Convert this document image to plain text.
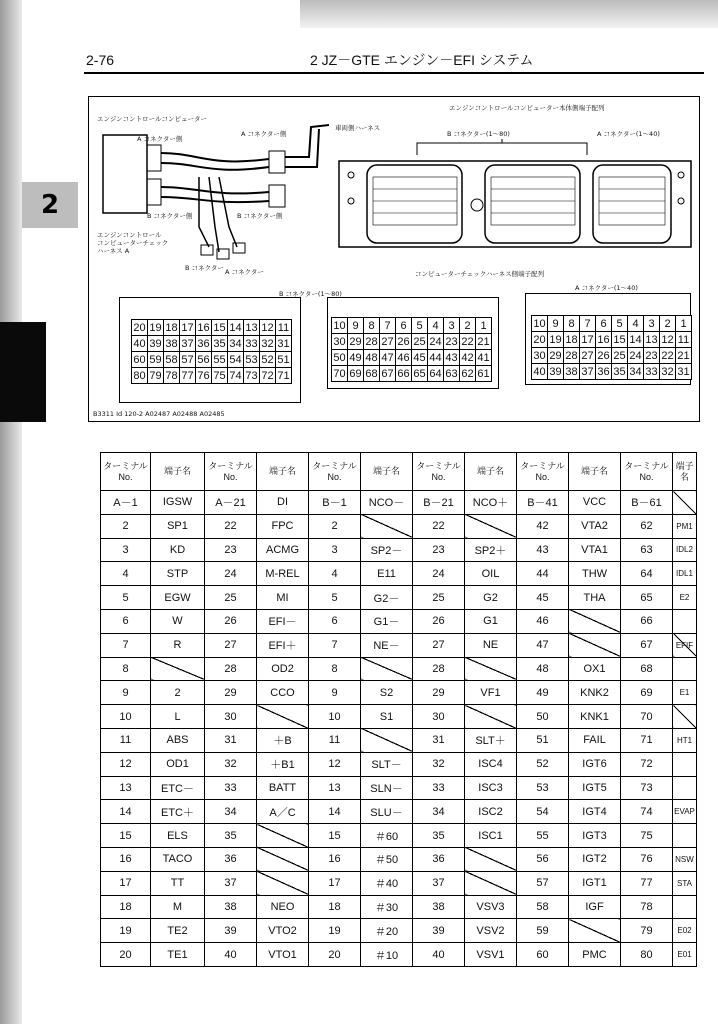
2
2-76	2 JZ－GTE エンジン－EFI システム
エンジンコントロールコンピューター
A コネクター側
A コネクター側
車両側ハーネス
B コネクター側	B コネクター側
エンジンコントロール
コンピューターチェック
ハーネス A
B コネクター A コネクター
エンジンコントロールコンピューター本体側端子配列
B コネクター(1～80)	A コネクター(1～40)
コンピューターチェックハーネス側端子配列
B コネクター(1～80)
A コネクター(1～40)
20	19	18	17	16	15	14	13	12	11
40	39	38	37	36	35	34	33	32	31
60	59	58	57	56	55	54	53	52	51
80	79	78	77	76	75	74	73	72	71
10	9	8	7	6	5	4	3	2	1
30	29	28	27	26	25	24	23	22	21
50	49	48	47	46	45	44	43	42	41
70	69	68	67	66	65	64	63	62	61
10	9	8	7	6	5	4	3	2	1
20	19	18	17	16	15	14	13	12	11
30	29	28	27	26	25	24	23	22	21
40	39	38	37	36	35	34	33	32	31
B3311 Id 120-2 A02487 A02488 A02485
ターミナル No.	端子名	ターミナル No.	端子名	ターミナル No.	端子名	ターミナル No.	端子名	ターミナル No.	端子名	ターミナル No.	端子名
A－1	IGSW	A－21	DI	B－1	NCO－	B－21	NCO＋	B－41	VCC	B－61	
2	SP1	22	FPC	2		22		42	VTA2	62	PM1
3	KD	23	ACMG	3	SP2－	23	SP2＋	43	VTA1	63	IDL2
4	STP	24	M-REL	4	E11	24	OIL	44	THW	64	IDL1
5	EGW	25	MI	5	G2－	25	G2	45	THA	65	E2
6	W	26	EFI－	6	G1－	26	G1	46		66	
7	R	27	EFI＋	7	NE－	27	NE	47		67	EFIF
8		28	OD2	8		28		48	OX1	68	
9	2	29	CCO	9	S2	29	VF1	49	KNK2	69	E1
10	L	30		10	S1	30		50	KNK1	70	
11	ABS	31	＋B	11		31	SLT＋	51	FAIL	71	HT1
12	OD1	32	＋B1	12	SLT－	32	ISC4	52	IGT6	72	
13	ETC－	33	BATT	13	SLN－	33	ISC3	53	IGT5	73	
14	ETC＋	34	A／C	14	SLU－	34	ISC2	54	IGT4	74	EVAP
15	ELS	35		15	＃60	35	ISC1	55	IGT3	75	
16	TACO	36		16	＃50	36		56	IGT2	76	NSW
17	TT	37		17	＃40	37		57	IGT1	77	STA
18	M	38	NEO	18	＃30	38	VSV3	58	IGF	78	
19	TE2	39	VTO2	19	＃20	39	VSV2	59		79	E02
20	TE1	40	VTO1	20	＃10	40	VSV1	60	PMC	80	E01
